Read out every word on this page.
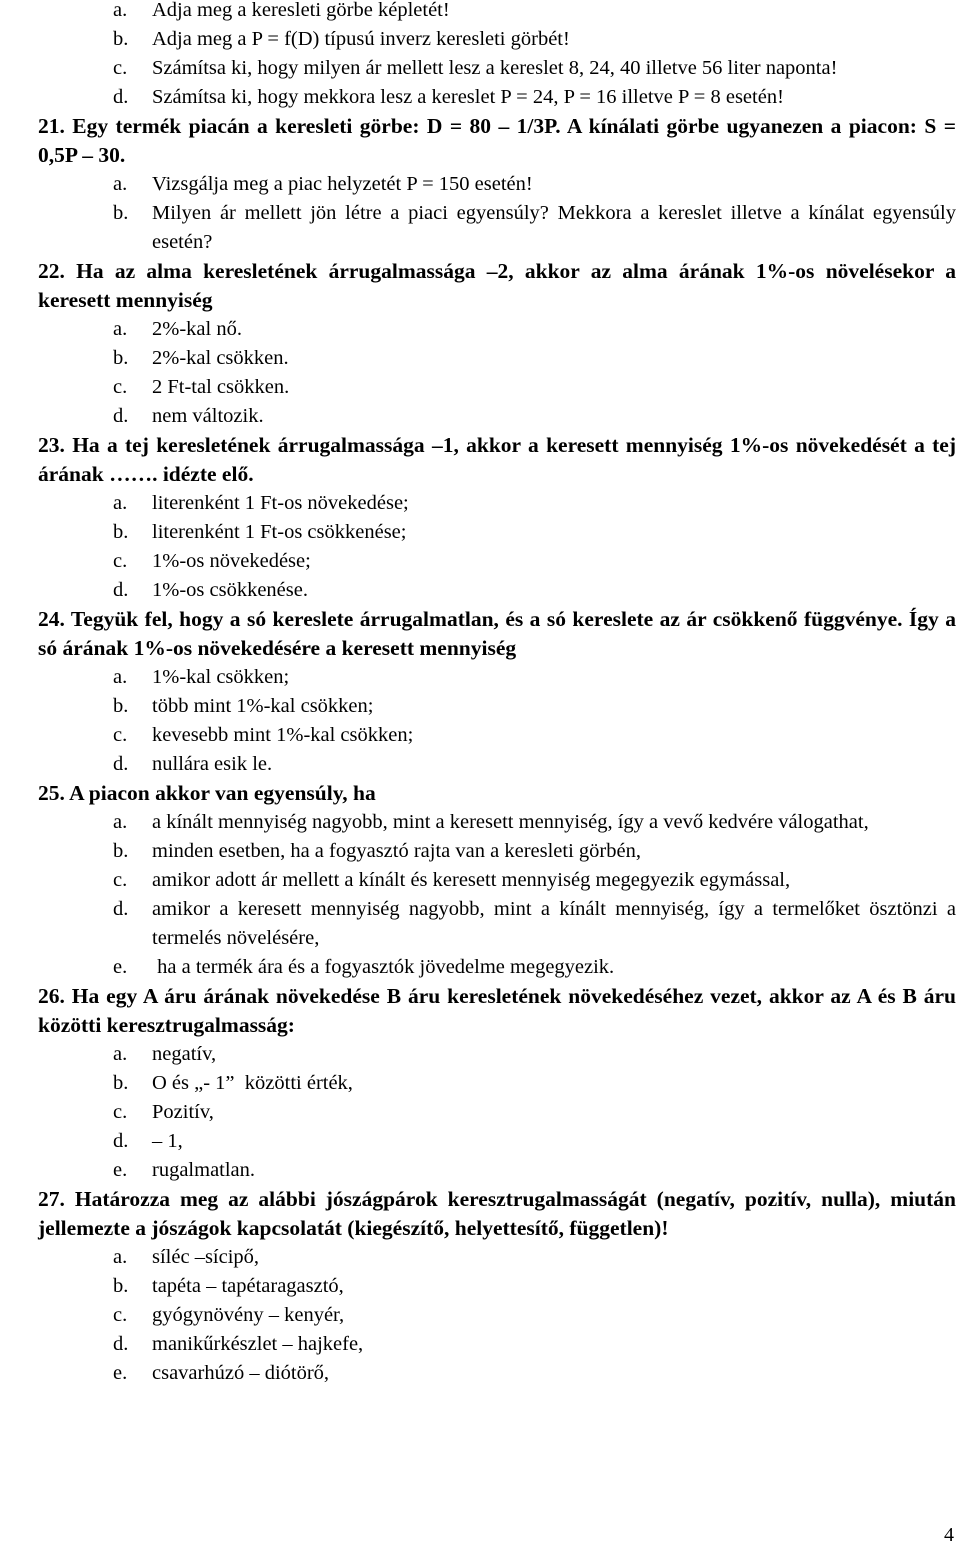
a. Adja meg a keresleti görbe képletét!
b. Adja meg a P = f(D) típusú inverz keresleti görbét!
c. Számítsa ki, hogy milyen ár mellett lesz a kereslet 8, 24, 40 illetve 56 liter naponta!
d. Számítsa ki, hogy mekkora lesz a kereslet P = 24, P = 16 illetve P = 8 esetén!
21. Egy termék piacán a keresleti görbe: D = 80 – 1/3P. A kínálati görbe ugyanezen a piacon: S = 0,5P – 30.
a. Vizsgálja meg a piac helyzetét P = 150 esetén!
b. Milyen ár mellett jön létre a piaci egyensúly? Mekkora a kereslet illetve a kínálat egyensúly esetén?
22. Ha az alma keresletének árrugalmassága –2, akkor az alma árának 1%-os növelésekor a keresett mennyiség
a. 2%-kal nő.
b. 2%-kal csökken.
c. 2 Ft-tal csökken.
d. nem változik.
23. Ha a tej keresletének árrugalmassága –1, akkor a keresett mennyiség 1%-os növekedését a tej árának ……. idézte elő.
a. literenként 1 Ft-os növekedése;
b. literenként 1 Ft-os csökkenése;
c. 1%-os növekedése;
d. 1%-os csökkenése.
24. Tegyük fel, hogy a só kereslete árrugalmatlan, és a só kereslete az ár csökkenő függvénye. Így a só árának 1%-os növekedésére a keresett mennyiség
a. 1%-kal csökken;
b. több mint 1%-kal csökken;
c. kevesebb mint 1%-kal csökken;
d. nullára esik le.
25. A piacon akkor van egyensúly, ha
a. a kínált mennyiség nagyobb, mint a keresett mennyiség, így a vevő kedvére válogathat,
b. minden esetben, ha a fogyasztó rajta van a keresleti görbén,
c. amikor adott ár mellett a kínált és keresett mennyiség megegyezik egymással,
d. amikor a keresett mennyiség nagyobb, mint a kínált mennyiség, így a termelőket ösztönzi a termelés növelésére,
e. ha a termék ára és a fogyasztók jövedelme megegyezik.
26. Ha egy A áru árának növekedése B áru keresletének növekedéséhez vezet, akkor az A és B áru közötti keresztrugalmasság:
a. negatív,
b. O és „- 1”  közötti érték,
c. Pozitív,
d. – 1,
e. rugalmatlan.
27. Határozza meg az alábbi jószágpárok keresztrugalmasságát (negatív, pozitív, nulla), miután jellemezte a jószágok kapcsolatát (kiegészítő, helyettesítő, független)!
a. síléc –sícipő,
b. tapéta – tapétaragasztó,
c. gyógynövény – kenyér,
d. manikűrkészlet – hajkefe,
e. csavarhúzó – diótörő,
4
